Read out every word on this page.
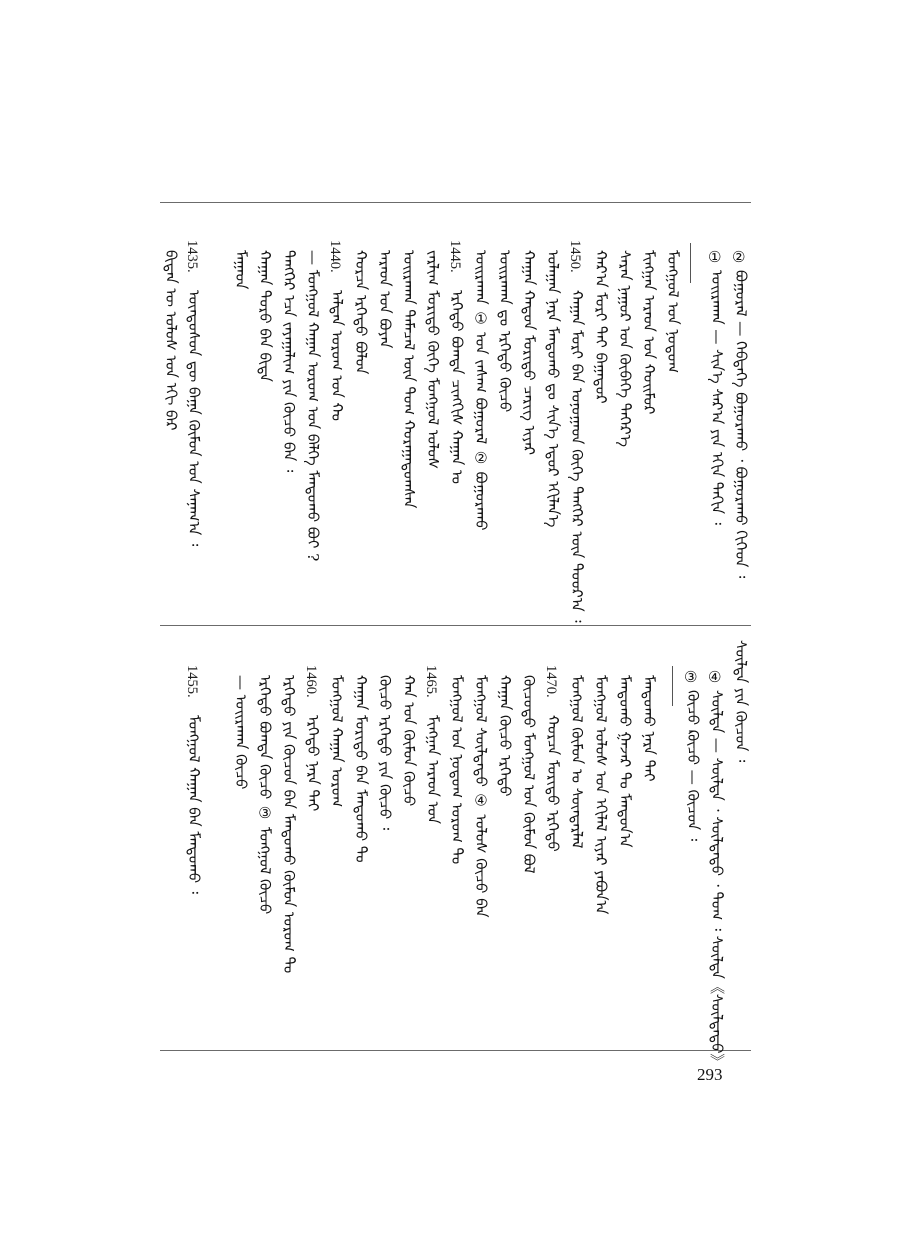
②
ᠪᠤᠭᠤᠷᠠᠯ — ᠬᠡᠪᠲᠡᠭᠡ ᠪᠤᠭᠤᠷᠠᠬᠤ ᠂ ᠪᠤᠭᠤᠷᠠᠬᠤ ᠬᠢᠭᠡᠳ ᠄
①
ᠣᠢᠷᠠᠬᠠᠨ — ᠰᠢᠨ᠎ᠡ ᠰᠠᠷ᠎ᠠ ᠶᠢᠨ ᠡᠬᠢᠨ ᠳᠠᠬᠢᠨ ᠄
ᠮᠣᠩᠭᠣᠯ ᠤᠨ ᠨᠤᠲᠤᠭ
ᠮᠢᠩᠭᠠᠨ ᠠᠷᠠᠳ ᠤᠨ ᠬᠣᠢᠮᠤᠷ
ᠰᠠᠷᠠᠨ ᠨᠠᠭᠤᠷ ᠤᠨ ᠬᠥᠪᠡᠭᠡ ᠳᠡᠭᠡᠷ᠎ᠡ
ᠬᠠᠷ᠎ᠠ ᠮᠣᠷᠢ ᠲᠠᠢ ᠪᠠᠭᠠᠲᠤᠷ
1450.
ᠬᠠᠭᠠᠨ ᠮᠣᠷᠢ ᠪᠡᠨ ᠣᠨᠣᠭᠠᠳ ᠬᠥᠬᠡ ᠲᠡᠩᠭᠡᠷ ᠦᠨ ᠳᠣᠣᠷ᠎ᠠ ᠄
ᠤᠯᠠᠭᠠᠨ ᠨᠠᠷᠠ ᠮᠠᠨᠳᠤᠬᠤ ᠳᠤ ᠰᠢᠨ᠎ᠡ ᠡᠳᠦᠷ ᠡᠬᠢᠯᠡᠨ᠎ᠡ
ᠬᠠᠭᠠᠨ ᠬᠠᠲᠤᠨ ᠮᠣᠷᠢᠲᠤ ᠴᠡᠷᠢᠭ ᠢᠶᠡᠷ
ᠣᠢᠷᠠᠬᠠᠨ ᠳᠤ ᠡᠷᠬᠡᠲᠦ ᠬᠦᠴᠦ
ᠣᠢᠷᠠᠬᠠᠨ ① ᠤᠨ ᠵᠠᠰᠠᠭ ᠪᠤᠭᠤᠷᠠᠯ ② ᠪᠤᠭᠤᠷᠠᠬᠤ
1445.
ᠡᠷᠬᠡᠲᠦ ᠪᠣᠭᠳᠠ ᠴᠢᠩᠭᠢᠰ ᠬᠠᠭᠠᠨ ᠤ
ᠵᠠᠷᠯᠢᠭ ᠮᠣᠷᠢᠲᠤ ᠬᠥᠬᠡ ᠮᠣᠩᠭᠣᠯ ᠤᠯᠤᠰ
ᠣᠢᠷᠠᠬᠠᠨ ᠲᠡᠮᠡᠴᠡᠯ ᠦᠨ ᠲᠤᠭ ᠬᠤᠷᠠᠭᠠᠳᠤᠭᠰᠠᠨ
ᠠᠷᠠᠳ ᠤᠨ ᠪᠤᠶᠠᠨ
ᠬᠤᠷᠴᠠ ᠡᠷᠬᠡᠲᠦ ᠪᠤᠯᠤᠨ
1440.
ᠠᠯᠲᠠᠨ ᠤᠷᠤᠭ ᠤᠨ ᠬᠤ
— ᠮᠣᠩᠭᠣᠯ ᠬᠠᠭᠠᠨ ᠤᠷᠤᠭ ᠤᠨ ᠪᠡᠯᠭᠡ ᠮᠠᠨᠳᠤᠬᠤ ᠪᠣᠢ ?
ᠲᠡᠩᠭᠡᠷ ᠡᠴᠡ ᠵᠠᠶᠠᠭᠠᠯᠢᠭ ᠶᠢᠨ ᠬᠦᠴᠦ ᠪᠡᠨ ᠄
ᠬᠠᠭᠠᠨ ᠲᠣᠷᠣ ᠪᠡᠨ ᠪᠢᠳᠡ
ᠮᠠᠭᠠᠳ
1435.
ᠦᠨᠳᠦᠰᠦᠨ ᠳᠦ ᠪᠠᠭᠠ ᠬᠦᠮᠦᠨ ᠤᠨ ᠰᠠᠨᠠᠭ᠎ᠠ ᠄
ᠪᠢᠳᠡᠨ ᠦ ᠤᠯᠤᠰ ᠤᠨ ᠡᠬᠢ ᠪᠡᠷ
ᠰᠦᠯᠳᠡ ᠶᠢᠨ ᠬᠦᠴᠦᠨ ᠄
④
ᠰᠦᠯᠳᠡ — ᠰᠦᠯᠳᠡ ᠂ ᠰᠦᠯᠳᠡᠲᠦ ᠂ ᠲᠤᠭ ᠄ ᠰᠦᠯᠳᠡ《ᠰᠦᠯᠳᠡᠲᠦ》
③
ᠬᠦᠴᠦ ᠺᠦᠴᠦ — ᠬᠦᠴᠦᠨ ᠄
ᠮᠠᠨᠳᠤᠬᠤ ᠨᠠᠷᠠ ᠲᠠᠢ
ᠮᠠᠨᠳᠤᠬᠤ ᠭᠠᠵᠠᠷ ᠲᠤ ᠮᠠᠨᠳᠤᠨ᠎ᠠ
ᠮᠣᠩᠭᠣᠯ ᠤᠯᠤᠰ ᠤᠨ ᠡᠬᠢᠯᠡᠯ ᠢᠶᠡᠷ ᠶᠠᠪᠤᠨ᠎ᠠ
ᠮᠣᠩᠭᠣᠯ ᠬᠦᠮᠦᠨ ᠤ ᠰᠦᠨᠳᠡᠷᠯᠡᠯ
1470.
ᠬᠤᠷᠴᠠ ᠮᠣᠷᠢᠲᠤ ᠡᠷᠬᠡᠲᠦ
ᠬᠦᠴᠦᠲᠦ ᠮᠣᠩᠭᠣᠯ ᠤᠨ ᠬᠦᠮᠦᠨ ᠪᠣᠯ
ᠬᠠᠭᠠᠨ ᠬᠦᠴᠦ ᠡᠷᠬᠡᠲᠦ
ᠮᠣᠩᠭᠣᠯ ᠰᠦᠯᠳᠡᠲᠦ ④ ᠤᠯᠤᠰ ᠬᠦᠴᠦ ᠪᠡᠨ
ᠮᠣᠩᠭᠣᠯ ᠤᠨ ᠨᠤᠲᠤᠭ ᠤᠷᠤᠭ ᠲᠤ
1465.
ᠮᠢᠩᠭᠠᠨ ᠠᠷᠠᠳ ᠤᠨ
ᠬᠠᠨ ᠤᠨ ᠬᠦᠮᠦᠨ ᠬᠦᠴᠦ
ᠬᠦᠴᠦ ᠡᠷᠬᠡᠲᠦ ᠶᠢᠨ ᠬᠦᠴᠦ ᠄
ᠬᠠᠭᠠᠨ ᠮᠣᠷᠢᠲᠤ ᠪᠡᠨ ᠮᠠᠨᠳᠤᠬᠤ ᠲᠤ
ᠮᠣᠩᠭᠣᠯ ᠬᠠᠭᠠᠨ ᠤᠷᠤᠭ
1460.
ᠡᠷᠬᠡᠲᠦ ᠨᠠᠷᠠ ᠲᠠᠢ
ᠡᠷᠬᠡᠲᠦ ᠶᠢᠨ ᠬᠦᠴᠦᠨ ᠪᠡᠨ ᠮᠠᠨᠳᠤᠬᠤ ᠬᠦᠮᠦᠨ ᠤᠷᠤᠭ ᠲᠤ
ᠡᠷᠬᠡᠲᠦ ᠪᠣᠭᠳᠠ ᠬᠦᠴᠦ ③ ᠮᠣᠩᠭᠣᠯ ᠬᠦᠴᠦ
— ᠣᠢᠷᠠᠬᠠᠨ ᠬᠦᠴᠦ
1455.
ᠮᠣᠩᠭᠣᠯ ᠬᠠᠭᠠᠨ ᠪᠠᠨ ᠮᠠᠨᠳᠤᠬᠤ ᠄
293
